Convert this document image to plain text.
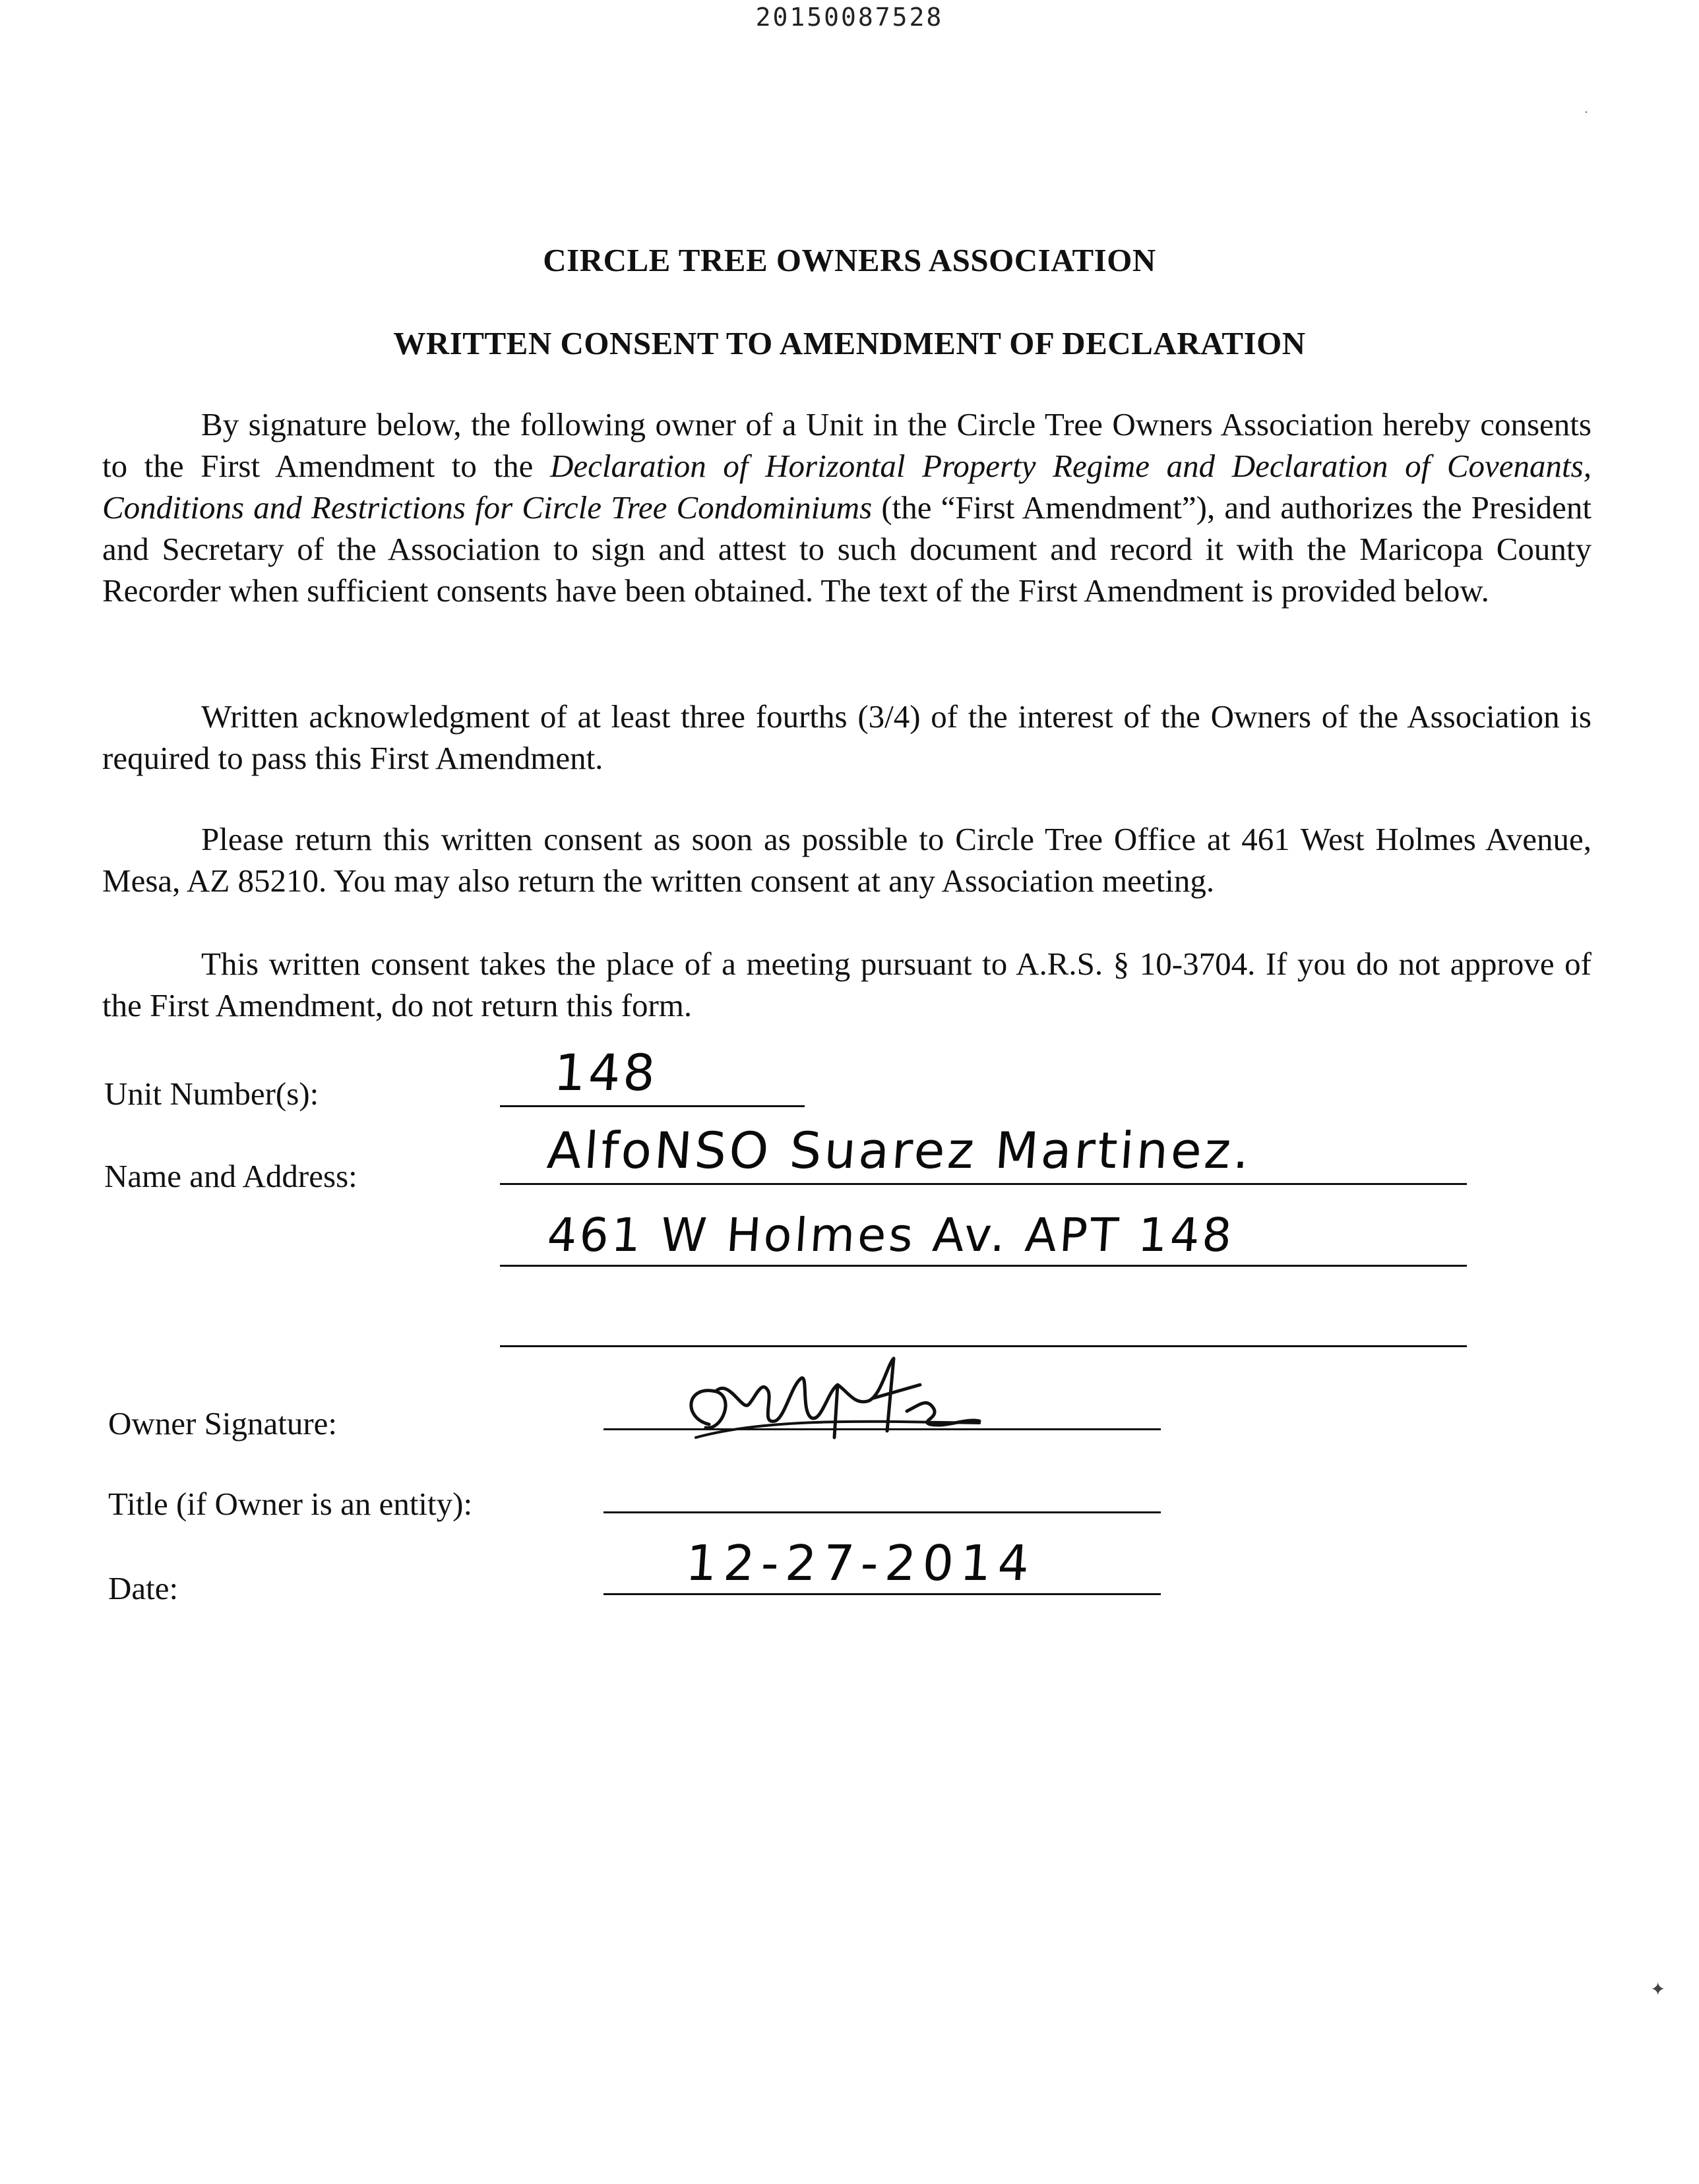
20150087528
CIRCLE TREE OWNERS ASSOCIATION
WRITTEN CONSENT TO AMENDMENT OF DECLARATION
By signature below, the following owner of a Unit in the Circle Tree Owners Association hereby consents to the First Amendment to the Declaration of Horizontal Property Regime and Declaration of Covenants, Conditions and Restrictions for Circle Tree Condominiums (the “First Amendment”), and authorizes the President and Secretary of the Association to sign and attest to such document and record it with the Maricopa County Recorder when sufficient consents have been obtained. The text of the First Amendment is provided below.
Written acknowledgment of at least three fourths (3/4) of the interest of the Owners of the Association is required to pass this First Amendment.
Please return this written consent as soon as possible to Circle Tree Office at 461 West Holmes Avenue, Mesa, AZ 85210. You may also return the written consent at any Association meeting.
This written consent takes the place of a meeting pursuant to A.R.S. § 10-3704. If you do not approve of the First Amendment, do not return this form.
Unit Number(s):	148
Name and Address:	AlfoNSO Suarez Martinez.
461 W Holmes Av. APT 148
Owner Signature:
Title (if Owner is an entity):
Date:	12-27-2014
✦
·
